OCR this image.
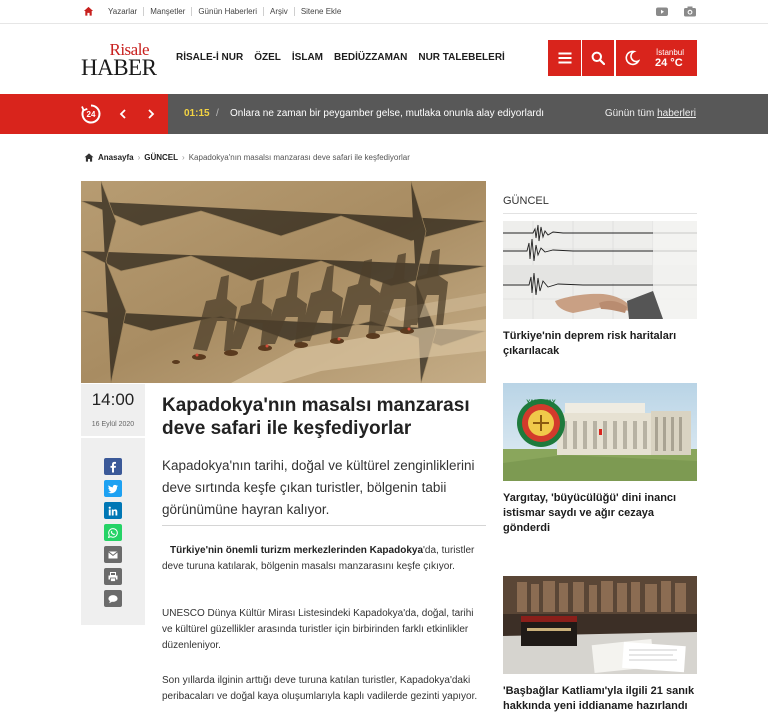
Yazarlar	Manşetler	Günün Haberleri	Arşiv	Sitene Ekle
Risale
HABER RİSALE-İ NUR ÖZEL İSLAM BEDİÜZZAMAN NUR TALEBELERİ	İstanbul
24 °C
24	01:15 / Onlara ne zaman bir peygamber gelse, mutlaka onunla alay ediyorlardı	Günün tüm haberleri
Anasayfa › GÜNCEL › Kapadokya'nın masalsı manzarası deve safari ile keşfediyorlar
14:00
16 Eylül 2020
Kapadokya'nın masalsı manzarası deve safari ile keşfediyorlar

Kapadokya'nın tarihi, doğal ve kültürel zenginliklerini deve sırtında keşfe çıkan turistler, bölgenin tabii görünümüne hayran kalıyor.

Türkiye'nin önemli turizm merkezlerinden Kapadokya'da, turistler deve turuna katılarak, bölgenin masalsı manzarasını keşfe çıkıyor.

UNESCO Dünya Kültür Mirası Listesindeki Kapadokya'da, doğal, tarihi ve kültürel güzellikler arasında turistler için birbirinden farklı etkinlikler düzenleniyor.

Son yıllarda ilginin arttığı deve turuna katılan turistler, Kapadokya'daki peribacaları ve doğal kaya oluşumlarıyla kaplı vadilerde gezinti yapıyor.

GÜNCEL
Türkiye'nin deprem risk haritaları çıkarılacak
YARGITAY
Yargıtay, 'büyücülüğü' dini inancı istismar saydı ve ağır cezaya gönderdi
'Başbağlar Katliamı'yla ilgili 21 sanık hakkında yeni iddianame hazırlandı
